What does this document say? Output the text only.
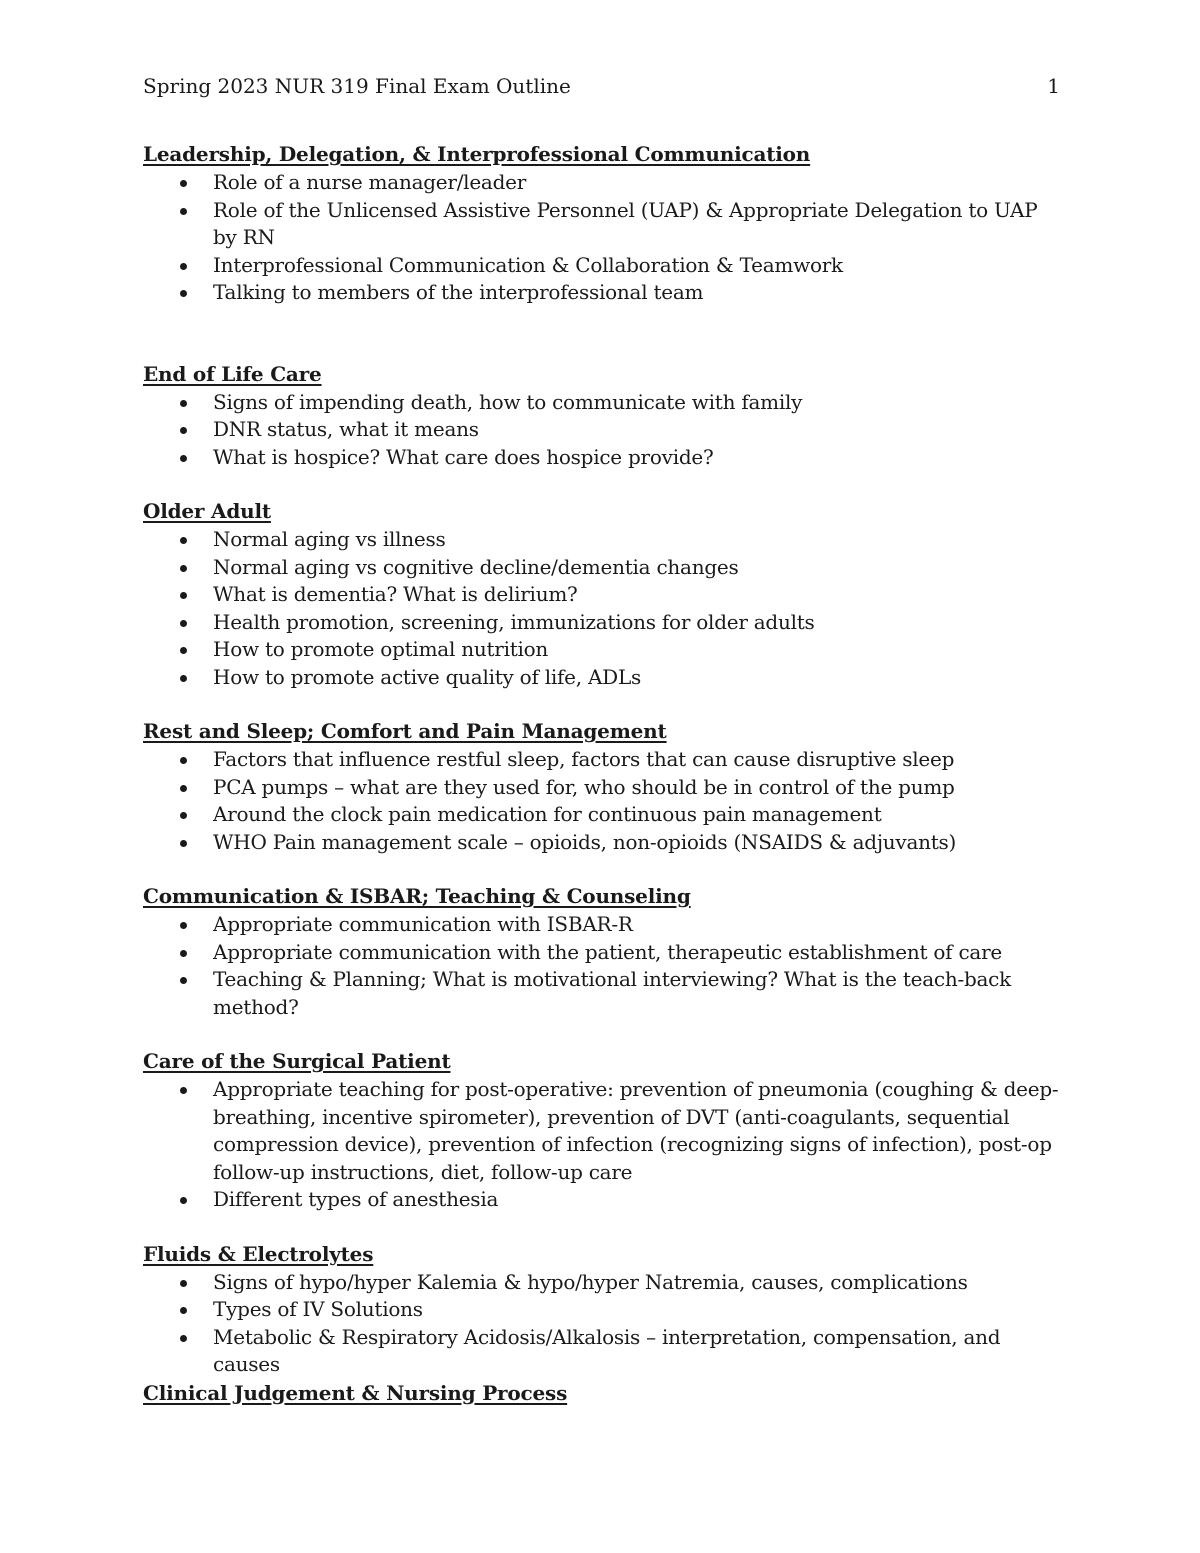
Spring 2023 NUR 319 Final Exam Outline	1
Leadership, Delegation, & Interprofessional Communication
Role of a nurse manager/leader
Role of the Unlicensed Assistive Personnel (UAP) & Appropriate Delegation to UAP by RN
Interprofessional Communication & Collaboration & Teamwork
Talking to members of the interprofessional team
End of Life Care
Signs of impending death, how to communicate with family
DNR status, what it means
What is hospice? What care does hospice provide?
Older Adult
Normal aging vs illness
Normal aging vs cognitive decline/dementia changes
What is dementia? What is delirium?
Health promotion, screening, immunizations for older adults
How to promote optimal nutrition
How to promote active quality of life, ADLs
Rest and Sleep; Comfort and Pain Management
Factors that influence restful sleep, factors that can cause disruptive sleep
PCA pumps – what are they used for, who should be in control of the pump
Around the clock pain medication for continuous pain management
WHO Pain management scale – opioids, non-opioids (NSAIDS & adjuvants)
Communication & ISBAR; Teaching & Counseling
Appropriate communication with ISBAR-R
Appropriate communication with the patient, therapeutic establishment of care
Teaching & Planning; What is motivational interviewing? What is the teach-back method?
Care of the Surgical Patient
Appropriate teaching for post-operative: prevention of pneumonia (coughing & deep-breathing, incentive spirometer), prevention of DVT (anti-coagulants, sequential compression device), prevention of infection (recognizing signs of infection), post-op follow-up instructions, diet, follow-up care
Different types of anesthesia
Fluids & Electrolytes
Signs of hypo/hyper Kalemia & hypo/hyper Natremia, causes, complications
Types of IV Solutions
Metabolic & Respiratory Acidosis/Alkalosis – interpretation, compensation, and causes
Clinical Judgement & Nursing Process
